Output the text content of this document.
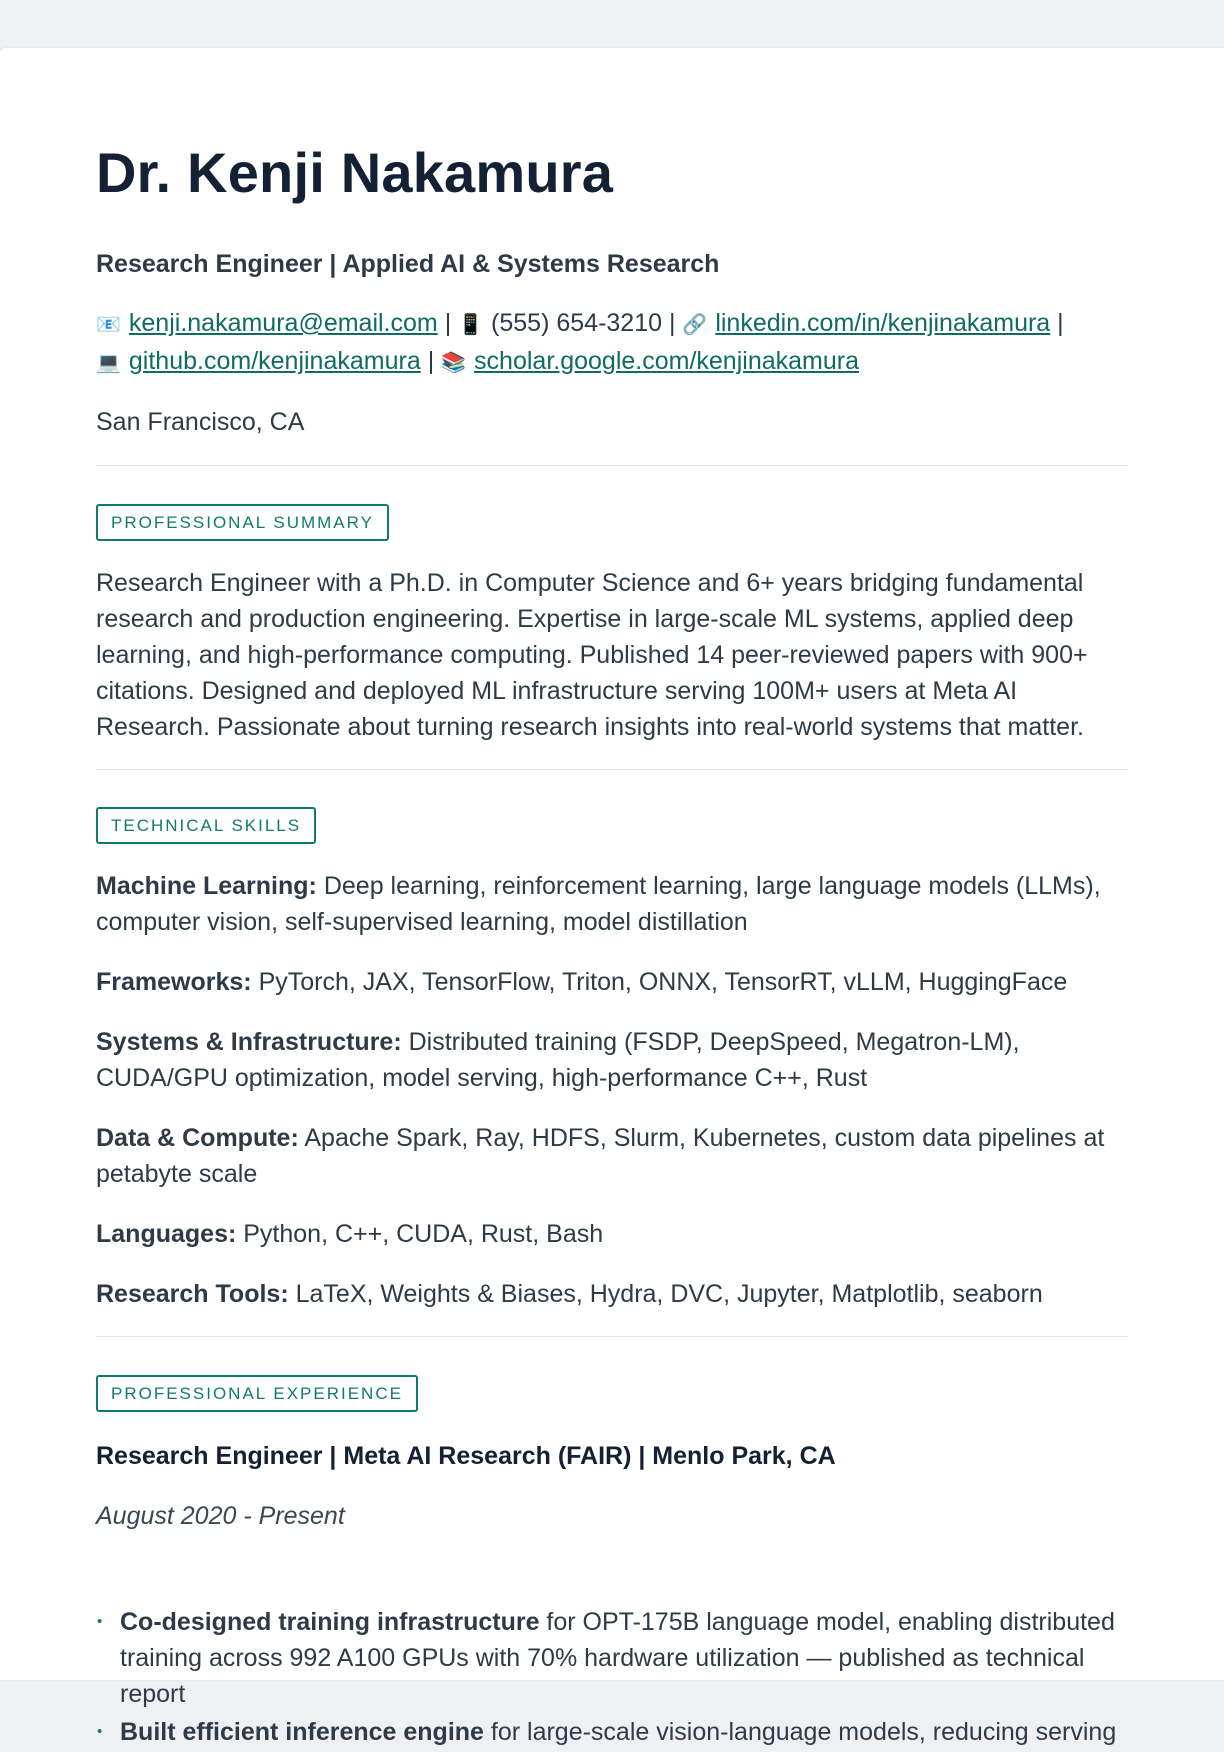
Dr. Kenji Nakamura

Research Engineer | Applied AI & Systems Research

📧 kenji.nakamura@email.com | 📱 (555) 654-3210 | 🔗 linkedin.com/in/kenjinakamura |
💻 github.com/kenjinakamura | 📚 scholar.google.com/kenjinakamura

San Francisco, CA

PROFESSIONAL SUMMARY

Research Engineer with a Ph.D. in Computer Science and 6+ years bridging fundamental research and production engineering. Expertise in large-scale ML systems, applied deep learning, and high-performance computing. Published 14 peer-reviewed papers with 900+ citations. Designed and deployed ML infrastructure serving 100M+ users at Meta AI Research. Passionate about turning research insights into real-world systems that matter.

TECHNICAL SKILLS

Machine Learning: Deep learning, reinforcement learning, large language models (LLMs), computer vision, self-supervised learning, model distillation

Frameworks: PyTorch, JAX, TensorFlow, Triton, ONNX, TensorRT, vLLM, HuggingFace

Systems & Infrastructure: Distributed training (FSDP, DeepSpeed, Megatron-LM), CUDA/GPU optimization, model serving, high-performance C++, Rust

Data & Compute: Apache Spark, Ray, HDFS, Slurm, Kubernetes, custom data pipelines at petabyte scale

Languages: Python, C++, CUDA, Rust, Bash

Research Tools: LaTeX, Weights & Biases, Hydra, DVC, Jupyter, Matplotlib, seaborn

PROFESSIONAL EXPERIENCE

Research Engineer | Meta AI Research (FAIR) | Menlo Park, CA

August 2020 - Present

• Co-designed training infrastructure for OPT-175B language model, enabling distributed training across 992 A100 GPUs with 70% hardware utilization — published as technical report
• Built efficient inference engine for large-scale vision-language models, reducing serving
